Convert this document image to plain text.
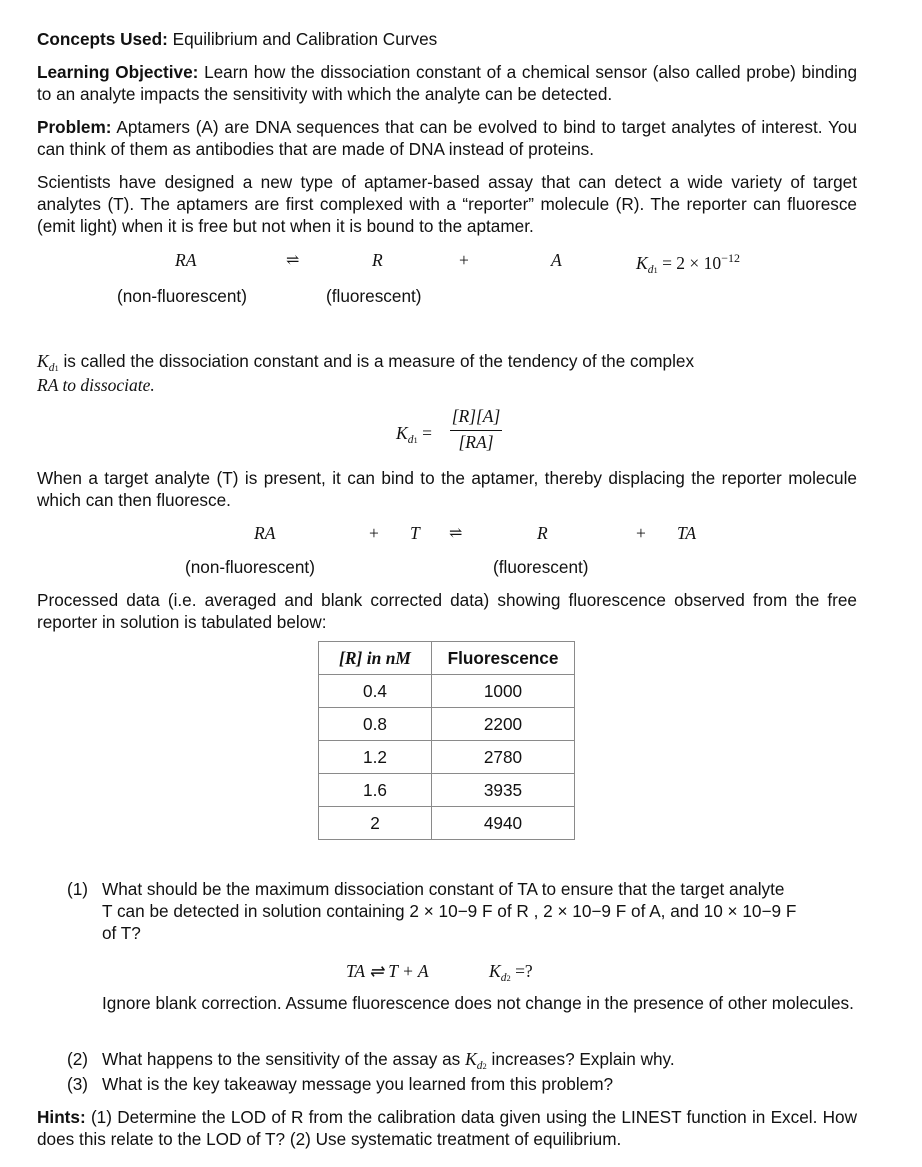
Concepts Used: Equilibrium and Calibration Curves

Learning Objective: Learn how the dissociation constant of a chemical sensor (also called probe) binding to an analyte impacts the sensitivity with which the analyte can be detected.

Problem: Aptamers (A) are DNA sequences that can be evolved to bind to target analytes of interest. You can think of them as antibodies that are made of DNA instead of proteins.

Scientists have designed a new type of aptamer-based assay that can detect a wide variety of target analytes (T). The aptamers are first complexed with a “reporter” molecule (R). The reporter can fluoresce (emit light) when it is free but not when it is bound to the aptamer.

RA	⇌	R	+	A	$K_{d1} = 2 \times 10^{-12}$
(non-fluorescent)	(fluorescent)

$K_{d1}$ is called the dissociation constant and is a measure of the tendency of the complex

RA to dissociate.

$K_{d1}$ =
[R][A]
[RA]

When a target analyte (T) is present, it can bind to the aptamer, thereby displacing the reporter molecule which can then fluoresce.

RA	+ T ⇌	R	+ TA
(non-fluorescent)	(fluorescent)

Processed data (i.e. averaged and blank corrected data) showing fluorescence observed from the free reporter in solution is tabulated below:

[R] in nM	Fluorescence
0.4	1000
0.8	2200
1.2	2780
1.6	3935
2	4940
(1) What should be the maximum dissociation constant of TA to ensure that the target analyte
T can be detected in solution containing 2 × 10−9 F of R , 2 × 10−9 F of A, and 10 × 10−9 F
of T?
TA ⇌ T + A	$K_{d2}$ =?
Ignore blank correction. Assume fluorescence does not change in the presence of other molecules.
(2) What happens to the sensitivity of the assay as $K_{d2}$ increases? Explain why.
(3) What is the key takeaway message you learned from this problem?

Hints: (1) Determine the LOD of R from the calibration data given using the LINEST function in Excel. How does this relate to the LOD of T? (2) Use systematic treatment of equilibrium.
